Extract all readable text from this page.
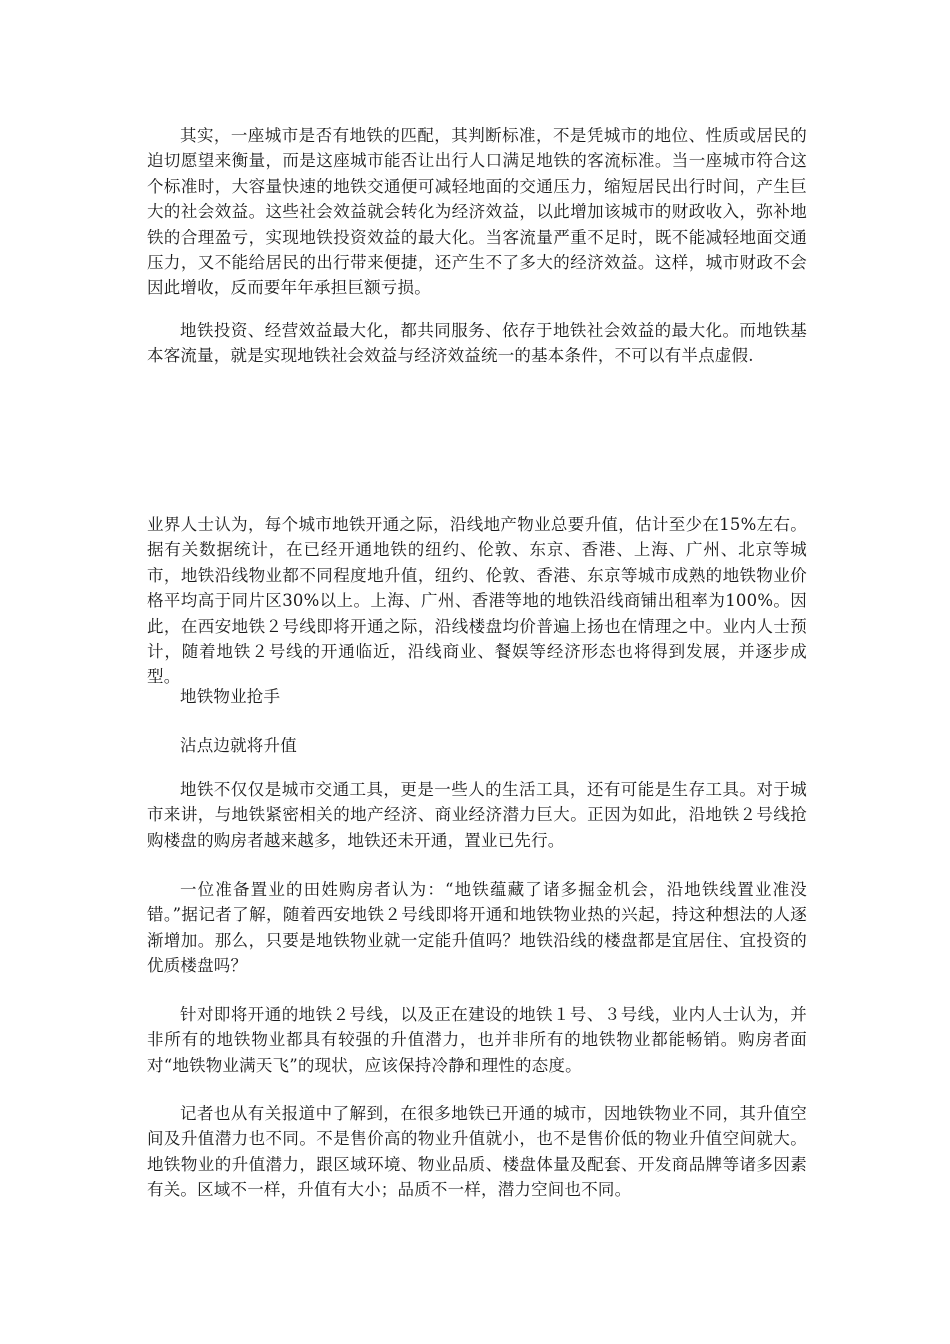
其实，一座城市是否有地铁的匹配，其判断标准，不是凭城市的地位、性质或居民的迫切愿望来衡量，而是这座城市能否让出行人口满足地铁的客流标准。当一座城市符合这个标准时，大容量快速的地铁交通便可减轻地面的交通压力，缩短居民出行时间，产生巨大的社会效益。这些社会效益就会转化为经济效益，以此增加该城市的财政收入，弥补地铁的合理盈亏，实现地铁投资效益的最大化。当客流量严重不足时，既不能减轻地面交通压力，又不能给居民的出行带来便捷，还产生不了多大的经济效益。这样，城市财政不会因此增收，反而要年年承担巨额亏损。

地铁投资、经营效益最大化，都共同服务、依存于地铁社会效益的最大化。而地铁基本客流量，就是实现地铁社会效益与经济效益统一的基本条件，不可以有半点虚假.

业界人士认为，每个城市地铁开通之际，沿线地产物业总要升值，估计至少在15%左右。据有关数据统计，在已经开通地铁的纽约、伦敦、东京、香港、上海、广州、北京等城市，地铁沿线物业都不同程度地升值，纽约、伦敦、香港、东京等城市成熟的地铁物业价格平均高于同片区30%以上。上海、广州、香港等地的地铁沿线商铺出租率为100%。因此，在西安地铁２号线即将开通之际，沿线楼盘均价普遍上扬也在情理之中。业内人士预计，随着地铁２号线的开通临近，沿线商业、餐娱等经济形态也将得到发展，并逐步成型。

地铁物业抢手

沾点边就将升值

地铁不仅仅是城市交通工具，更是一些人的生活工具，还有可能是生存工具。对于城市来讲，与地铁紧密相关的地产经济、商业经济潜力巨大。正因为如此，沿地铁２号线抢购楼盘的购房者越来越多，地铁还未开通，置业已先行。

一位准备置业的田姓购房者认为：“地铁蕴藏了诸多掘金机会，沿地铁线置业准没错。”据记者了解，随着西安地铁２号线即将开通和地铁物业热的兴起，持这种想法的人逐渐增加。那么，只要是地铁物业就一定能升值吗？地铁沿线的楼盘都是宜居住、宜投资的优质楼盘吗？

针对即将开通的地铁２号线，以及正在建设的地铁１号、３号线，业内人士认为，并非所有的地铁物业都具有较强的升值潜力，也并非所有的地铁物业都能畅销。购房者面对“地铁物业满天飞”的现状，应该保持冷静和理性的态度。

记者也从有关报道中了解到，在很多地铁已开通的城市，因地铁物业不同，其升值空间及升值潜力也不同。不是售价高的物业升值就小，也不是售价低的物业升值空间就大。地铁物业的升值潜力，跟区域环境、物业品质、楼盘体量及配套、开发商品牌等诸多因素有关。区域不一样，升值有大小；品质不一样，潜力空间也不同。
